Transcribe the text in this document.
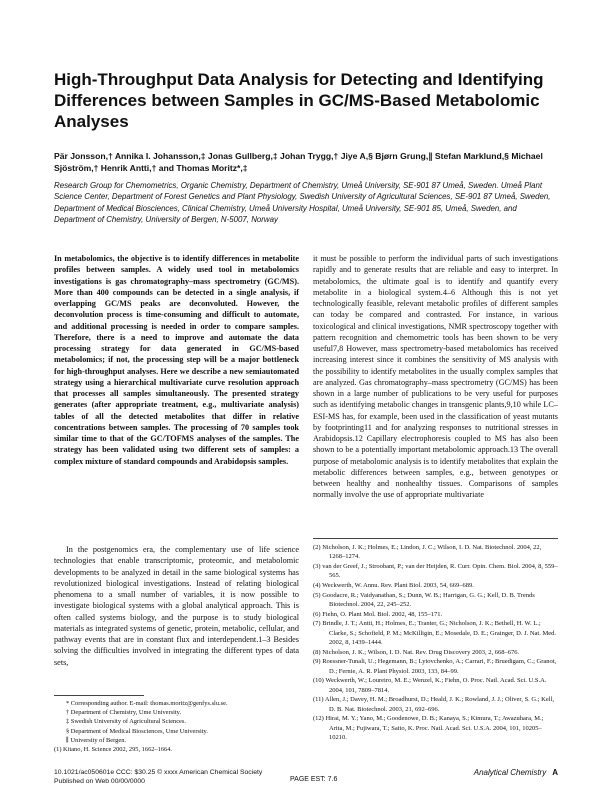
High-Throughput Data Analysis for Detecting and Identifying Differences between Samples in GC/MS-Based Metabolomic Analyses

Pär Jonsson,† Annika I. Johansson,‡ Jonas Gullberg,‡ Johan Trygg,† Jiye A,§ Bjørn Grung,∥ Stefan Marklund,§ Michael Sjöström,† Henrik Antti,† and Thomas Moritz*,‡

Research Group for Chemometrics, Organic Chemistry, Department of Chemistry, Umeå University, SE-901 87 Umeå, Sweden. Umeå Plant Science Center, Department of Forest Genetics and Plant Physiology, Swedish University of Agricultural Sciences, SE-901 87 Umeå, Sweden, Department of Medical Biosciences, Clinical Chemistry, Umeå University Hospital, Umeå University, SE-901 85, Umeå, Sweden, and Department of Chemistry, University of Bergen, N-5007, Norway

In metabolomics, the objective is to identify differences in metabolite profiles between samples. A widely used tool in metabolomics investigations is gas chromatography–mass spectrometry (GC/MS). More than 400 compounds can be detected in a single analysis, if overlapping GC/MS peaks are deconvoluted. However, the deconvolution process is time-consuming and difficult to automate, and additional processing is needed in order to compare samples. Therefore, there is a need to improve and automate the data processing strategy for data generated in GC/MS-based metabolomics; if not, the processing step will be a major bottleneck for high-throughput analyses. Here we describe a new semiautomated strategy using a hierarchical multivariate curve resolution approach that processes all samples simultaneously. The presented strategy generates (after appropriate treatment, e.g., multivariate analysis) tables of all the detected metabolites that differ in relative concentrations between samples. The processing of 70 samples took similar time to that of the GC/TOFMS analyses of the samples. The strategy has been validated using two different sets of samples: a complex mixture of standard compounds and Arabidopsis samples.

In the postgenomics era, the complementary use of life science technologies that enable transcriptomic, proteomic, and metabolomic developments to be analyzed in detail in the same biological systems has revolutionized biological investigations. Instead of relating biological phenomena to a small number of variables, it is now possible to investigate biological systems with a global analytical approach. This is often called systems biology, and the purpose is to study biological materials as integrated systems of genetic, protein, metabolic, cellular, and pathway events that are in constant flux and interdependent.1–3 Besides solving the difficulties involved in integrating the different types of data sets,

it must be possible to perform the individual parts of such investigations rapidly and to generate results that are reliable and easy to interpret. In metabolomics, the ultimate goal is to identify and quantify every metabolite in a biological system.4–6 Although this is not yet technologically feasible, relevant metabolic profiles of different samples can today be compared and contrasted. For instance, in various toxicological and clinical investigations, NMR spectroscopy together with pattern recognition and chemometric tools has been shown to be very useful7,8 However, mass spectrometry-based metabolomics has received increasing interest since it combines the sensitivity of MS analysis with the possibility to identify metabolites in the usually complex samples that are analyzed. Gas chromatography–mass spectrometry (GC/MS) has been shown in a large number of publications to be very useful for purposes such as identifying metabolic changes in transgenic plants,9,10 while LC–ESI-MS has, for example, been used in the classification of yeast mutants by footprinting11 and for analyzing responses to nutritional stresses in Arabidopsis.12 Capillary electrophoresis coupled to MS has also been shown to be a potentially important metabolomic approach.13 The overall purpose of metabolomic analysis is to identify metabolites that explain the metabolic differences between samples, e.g., between genotypes or between healthy and nonhealthy tissues. Comparisons of samples normally involve the use of appropriate multivariate

(2) Nicholson, J. K.; Holmes, E.; Lindon, J. C.; Wilson, I. D. Nat. Biotechnol. 2004, 22, 1268–1274.
(3) van der Greef, J.; Stroobant, P.; van der Heijden, R. Curr. Opin. Chem. Biol. 2004, 8, 559–565.
(4) Weckwerth, W. Annu. Rev. Plant Biol. 2003, 54, 669–689.
(5) Goodacre, R.; Vaidyanathan, S.; Dunn, W. B.; Harrigan, G. G.; Kell, D. B. Trends Biotechnol. 2004, 22, 245–252.
(6) Fiehn, O. Plant Mol. Biol. 2002, 48, 155–171.
(7) Brindle, J. T.; Antti, H.; Holmes, E.; Tranter, G.; Nicholson, J. K.; Bethell, H. W. L.; Clarke, S.; Schofield, P. M.; McKilligin, E.; Mosedale, D. E.; Grainger, D. J. Nat. Med. 2002, 8, 1439–1444.
(8) Nicholson, J. K.; Wilson, I. D. Nat. Rev. Drug Discovery 2003, 2, 668–676.
(9) Roessner-Tunali, U.; Hegemann, B.; Lytovchenko, A.; Carrari, F.; Bruedigam, C.; Granot, D.; Fernie, A. R. Plant Physiol. 2003, 133, 84–99.
(10) Weckwerth, W.; Loureiro, M. E.; Wenzel, K.; Fiehn, O. Proc. Natl. Acad. Sci. U.S.A. 2004, 101, 7809–7814.
(11) Allen, J.; Davey, H. M.; Broadhurst, D.; Heald, J. K.; Rowland, J. J.; Oliver, S. G.; Kell, D. B. Nat. Biotechnol. 2003, 21, 692–696.
(12) Hirai, M. Y.; Yano, M.; Goodenowe, D. B.; Kanaya, S.; Kimura, T.; Awazuhara, M.; Arita, M.; Fujiwara, T.; Saito, K. Proc. Natl. Acad. Sci. U.S.A. 2004, 101, 10205–10210.
* Corresponding author. E-mail: thomas.moritz@genfys.slu.se.
† Department of Chemistry, Ume University.
‡ Swedish University of Agricultural Sciences.
§ Department of Medical Biosciences, Ume University.
∥ University of Bergen.
(1) Kitano, H. Science 2002, 295, 1662–1664.
10.1021/ac050601e CCC: $30.25 © xxxx American Chemical Society
Published on Web 00/00/0000	PAGE EST: 7.6
Analytical Chemistry A
